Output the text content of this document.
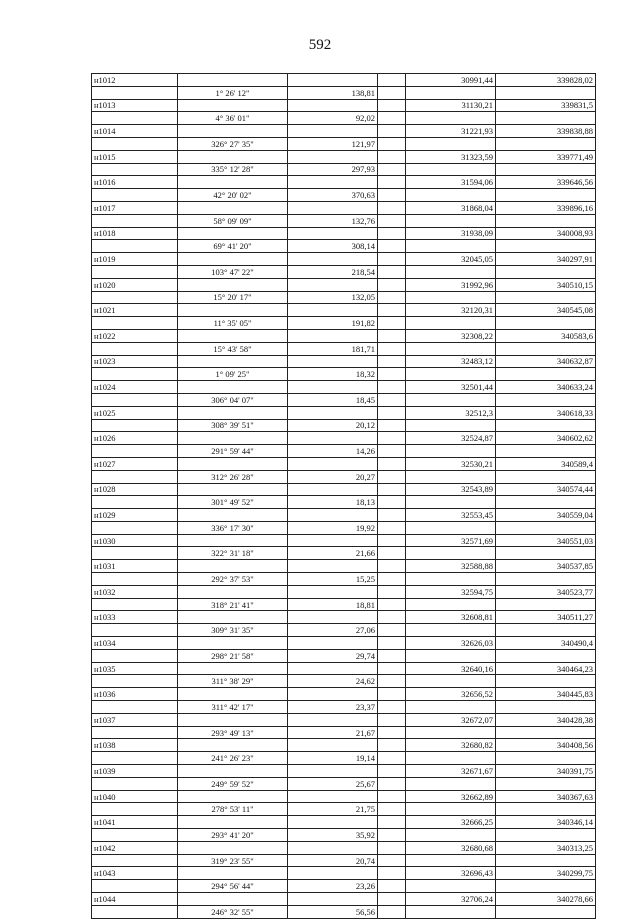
592
н1012				30991,44	339828,02
	1° 26' 12"	138,81			
н1013				31130,21	339831,5
	4° 36' 01"	92,02			
н1014				31221,93	339838,88
	326° 27' 35"	121,97			
н1015				31323,59	339771,49
	335° 12' 28"	297,93			
н1016				31594,06	339646,56
	42° 20' 02"	370,63			
н1017				31868,04	339896,16
	58° 09' 09"	132,76			
н1018				31938,09	340008,93
	69° 41' 20"	308,14			
н1019				32045,05	340297,91
	103° 47' 22"	218,54			
н1020				31992,96	340510,15
	15° 20' 17"	132,05			
н1021				32120,31	340545,08
	11° 35' 05"	191,82			
н1022				32308,22	340583,6
	15° 43' 58"	181,71			
н1023				32483,12	340632,87
	1° 09' 25"	18,32			
н1024				32501,44	340633,24
	306° 04' 07"	18,45			
н1025				32512,3	340618,33
	308° 39' 51"	20,12			
н1026				32524,87	340602,62
	291° 59' 44"	14,26			
н1027				32530,21	340589,4
	312° 26' 28"	20,27			
н1028				32543,89	340574,44
	301° 49' 52"	18,13			
н1029				32553,45	340559,04
	336° 17' 30"	19,92			
н1030				32571,69	340551,03
	322° 31' 18"	21,66			
н1031				32588,88	340537,85
	292° 37' 53"	15,25			
н1032				32594,75	340523,77
	318° 21' 41"	18,81			
н1033				32608,81	340511,27
	309° 31' 35"	27,06			
н1034				32626,03	340490,4
	298° 21' 58"	29,74			
н1035				32640,16	340464,23
	311° 38' 29"	24,62			
н1036				32656,52	340445,83
	311° 42' 17"	23,37			
н1037				32672,07	340428,38
	293° 49' 13"	21,67			
н1038				32680,82	340408,56
	241° 26' 23"	19,14			
н1039				32671,67	340391,75
	249° 59' 52"	25,67			
н1040				32662,89	340367,63
	278° 53' 11"	21,75			
н1041				32666,25	340346,14
	293° 41' 20"	35,92			
н1042				32680,68	340313,25
	319° 23' 55"	20,74			
н1043				32696,43	340299,75
	294° 56' 44"	23,26			
н1044				32706,24	340278,66
	246° 32' 55"	56,56			
